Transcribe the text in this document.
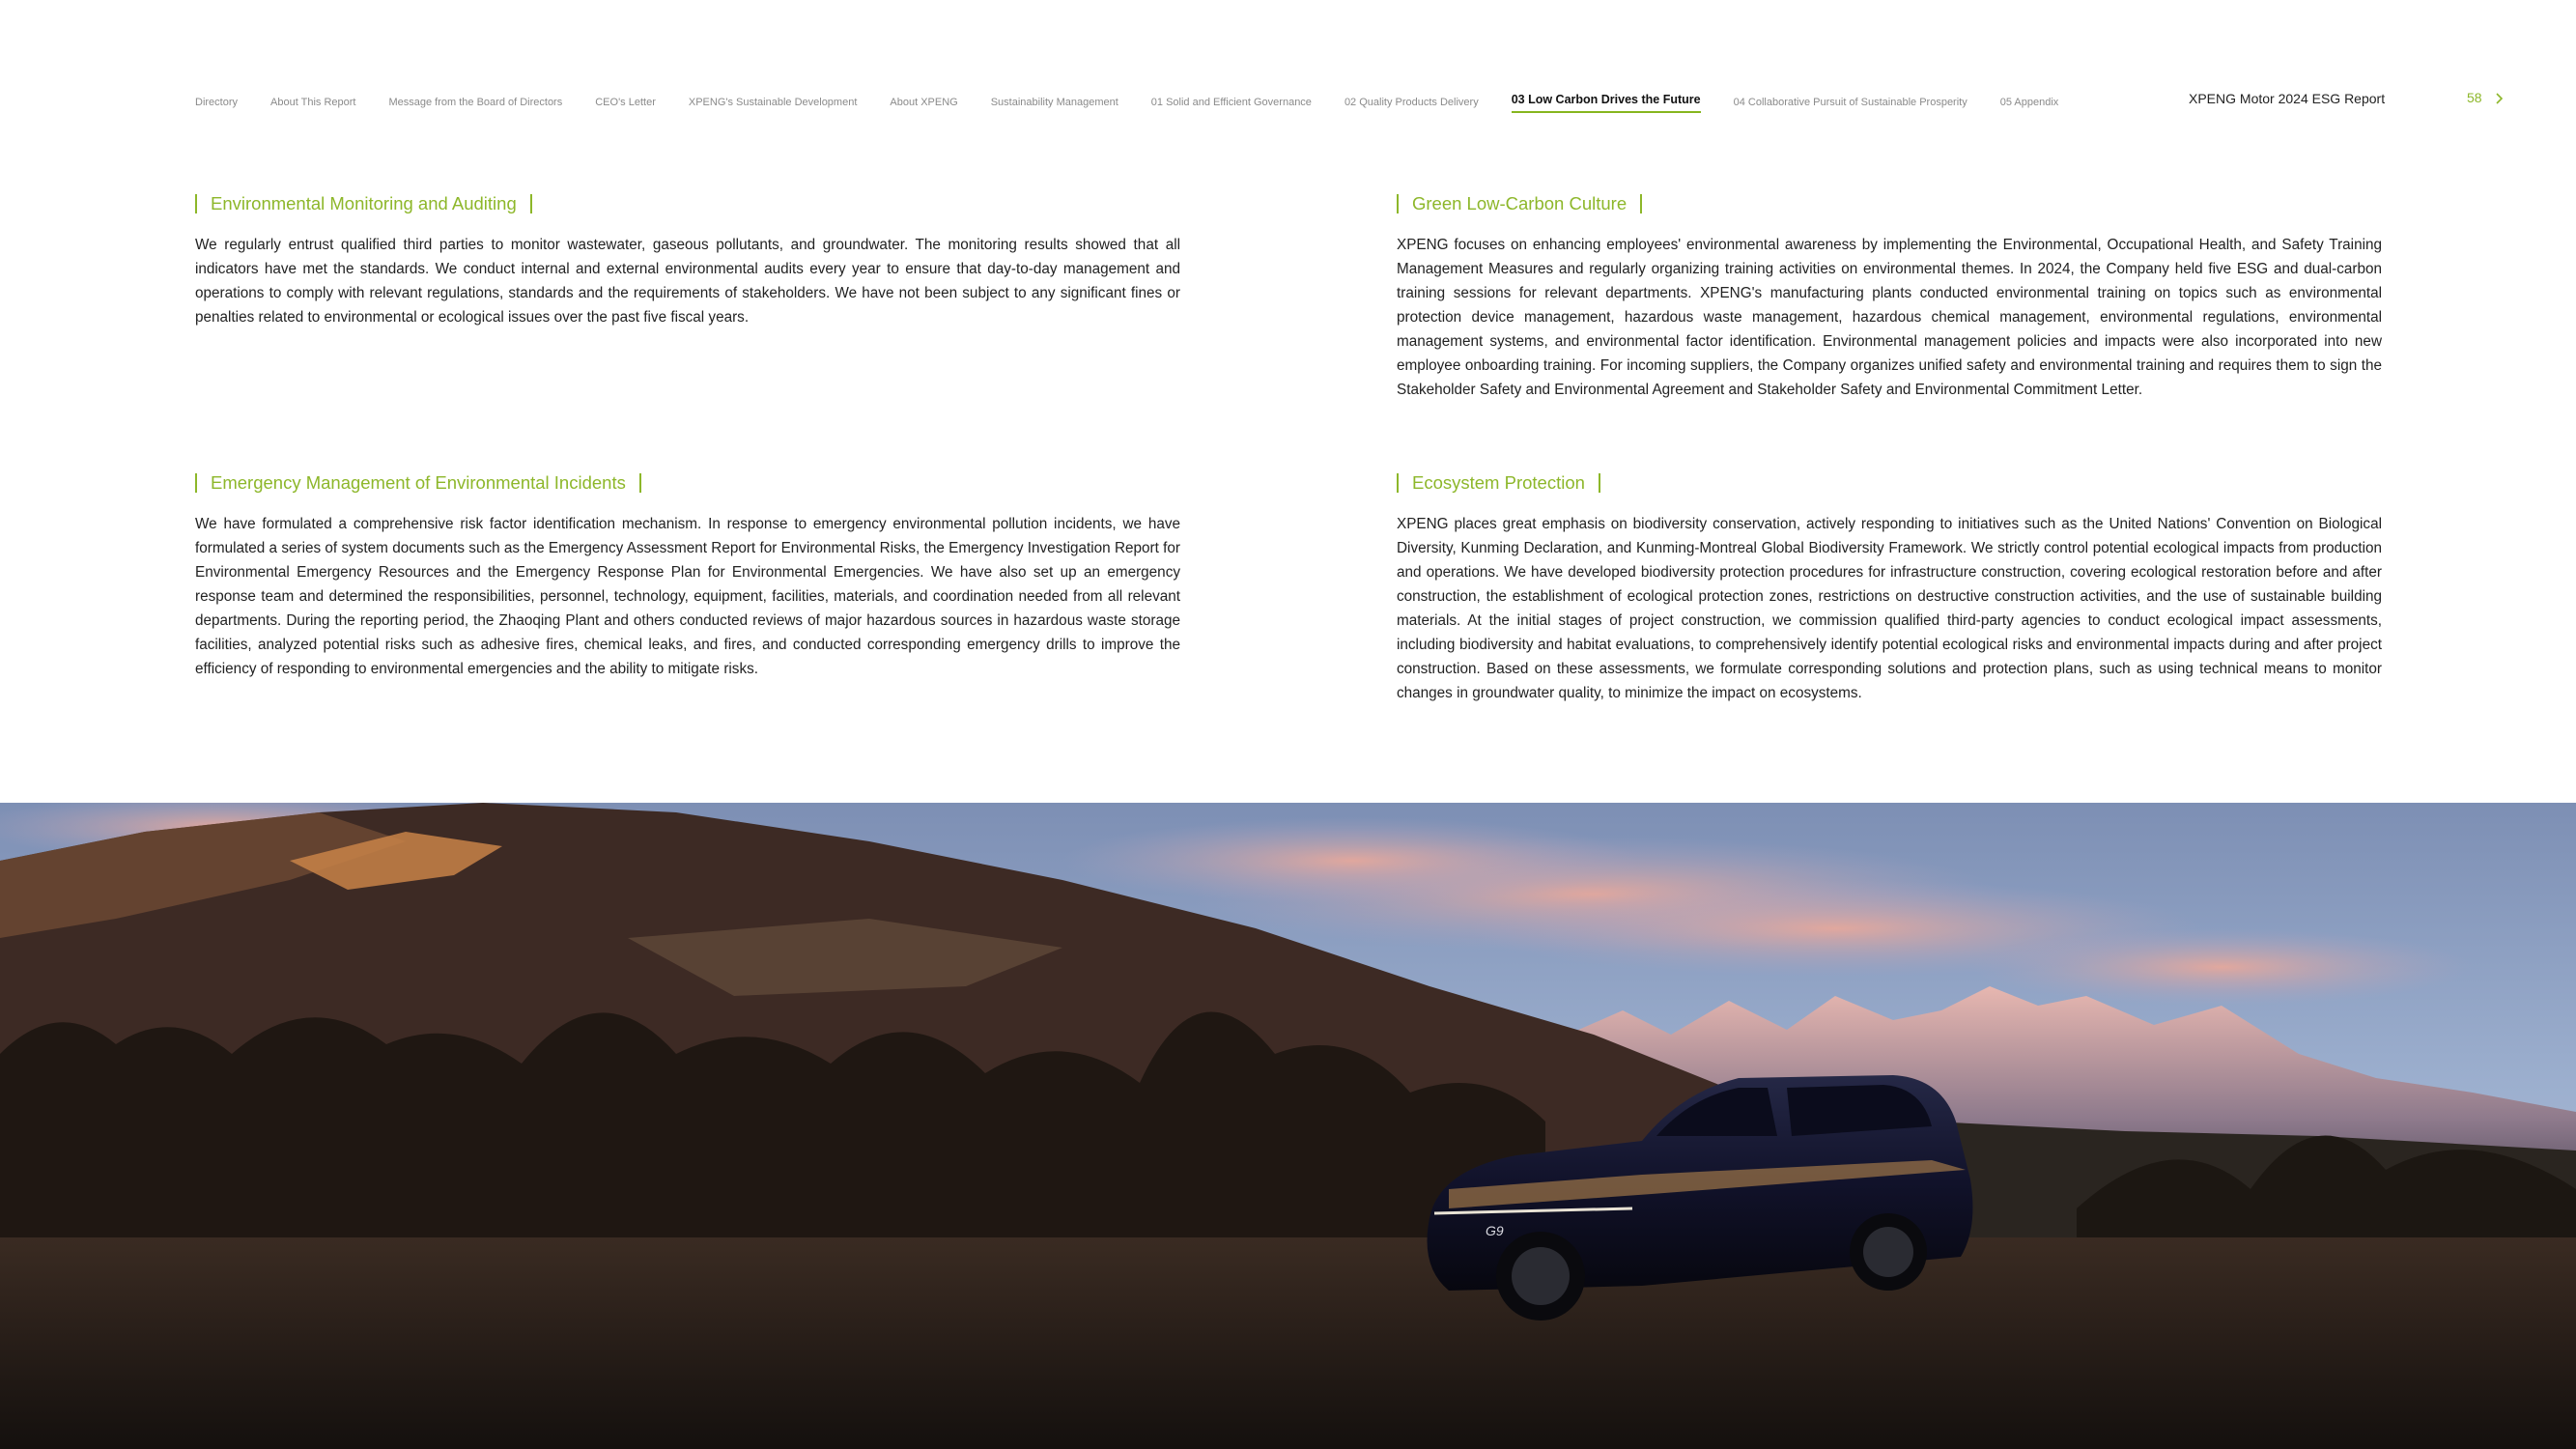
Directory	About This Report	Message from the Board of Directors	CEO's Letter	XPENG's Sustainable Development	About XPENG	Sustainability Management	01 Solid and Efficient Governance	02 Quality Products Delivery	03 Low Carbon Drives the Future	04 Collaborative Pursuit of Sustainable Prosperity	05 Appendix	XPENG Motor 2024 ESG Report	58
Environmental Monitoring and Auditing

We regularly entrust qualified third parties to monitor wastewater, gaseous pollutants, and groundwater. The monitoring results showed that all indicators have met the standards. We conduct internal and external environmental audits every year to ensure that day-to-day management and operations to comply with relevant regulations, standards and the requirements of stakeholders. We have not been subject to any significant fines or penalties related to environmental or ecological issues over the past five fiscal years.

Green Low-Carbon Culture

XPENG focuses on enhancing employees' environmental awareness by implementing the Environmental, Occupational Health, and Safety Training Management Measures and regularly organizing training activities on environmental themes. In 2024, the Company held five ESG and dual-carbon training sessions for relevant departments. XPENG's manufacturing plants conducted environmental training on topics such as environmental protection device management, hazardous waste management, hazardous chemical management, environmental regulations, environmental management systems, and environmental factor identification. Environmental management policies and impacts were also incorporated into new employee onboarding training. For incoming suppliers, the Company organizes unified safety and environmental training and requires them to sign the Stakeholder Safety and Environmental Agreement and Stakeholder Safety and Environmental Commitment Letter.

Emergency Management of Environmental Incidents

We have formulated a comprehensive risk factor identification mechanism. In response to emergency environmental pollution incidents, we have formulated a series of system documents such as the Emergency Assessment Report for Environmental Risks, the Emergency Investigation Report for Environmental Emergency Resources and the Emergency Response Plan for Environmental Emergencies. We have also set up an emergency response team and determined the responsibilities, personnel, technology, equipment, facilities, materials, and coordination needed from all relevant departments. During the reporting period, the Zhaoqing Plant and others conducted reviews of major hazardous sources in hazardous waste storage facilities, analyzed potential risks such as adhesive fires, chemical leaks, and fires, and conducted corresponding emergency drills to improve the efficiency of responding to environmental emergencies and the ability to mitigate risks.

Ecosystem Protection

XPENG places great emphasis on biodiversity conservation, actively responding to initiatives such as the United Nations' Convention on Biological Diversity, Kunming Declaration, and Kunming-Montreal Global Biodiversity Framework. We strictly control potential ecological impacts from production and operations. We have developed biodiversity protection procedures for infrastructure construction, covering ecological restoration before and after construction, the establishment of ecological protection zones, restrictions on destructive construction activities, and the use of sustainable building materials. At the initial stages of project construction, we commission qualified third-party agencies to conduct ecological impact assessments, including biodiversity and habitat evaluations, to comprehensively identify potential ecological risks and environmental impacts during and after project construction. Based on these assessments, we formulate corresponding solutions and protection plans, such as using technical means to monitor changes in groundwater quality, to minimize the impact on ecosystems.

G9
